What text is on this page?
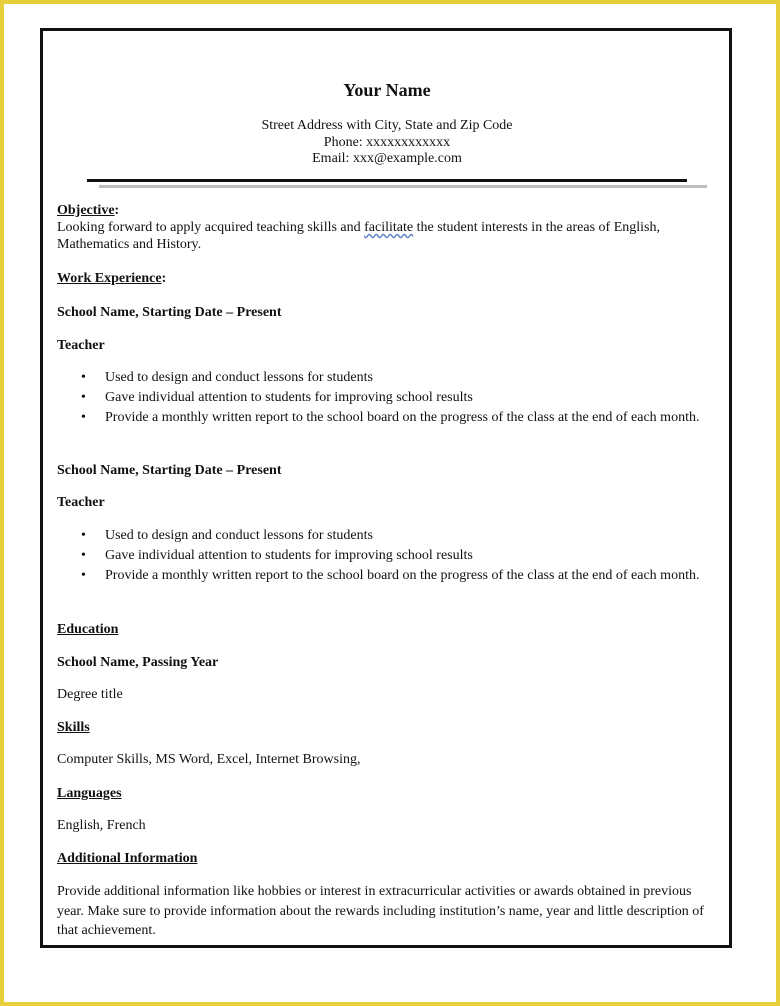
Your Name
Street Address with City, State and Zip Code
Phone: xxxxxxxxxxxx
Email: xxx@example.com

Objective:

Looking forward to apply acquired teaching skills and facilitate the student interests in the areas of English, Mathematics and History.

Work Experience:
School Name, Starting Date – Present
Teacher
• Used to design and conduct lessons for students
• Gave individual attention to students for improving school results
• Provide a monthly written report to the school board on the progress of the class at the end of each month.
School Name, Starting Date – Present
Teacher
• Used to design and conduct lessons for students
• Gave individual attention to students for improving school results
• Provide a monthly written report to the school board on the progress of the class at the end of each month.
Education
School Name, Passing Year
Degree title
Skills
Computer Skills, MS Word, Excel, Internet Browsing,
Languages
English, French
Additional Information
Provide additional information like hobbies or interest in extracurricular activities or awards obtained in previous year. Make sure to provide information about the rewards including institution’s name, year and little description of that achievement.
